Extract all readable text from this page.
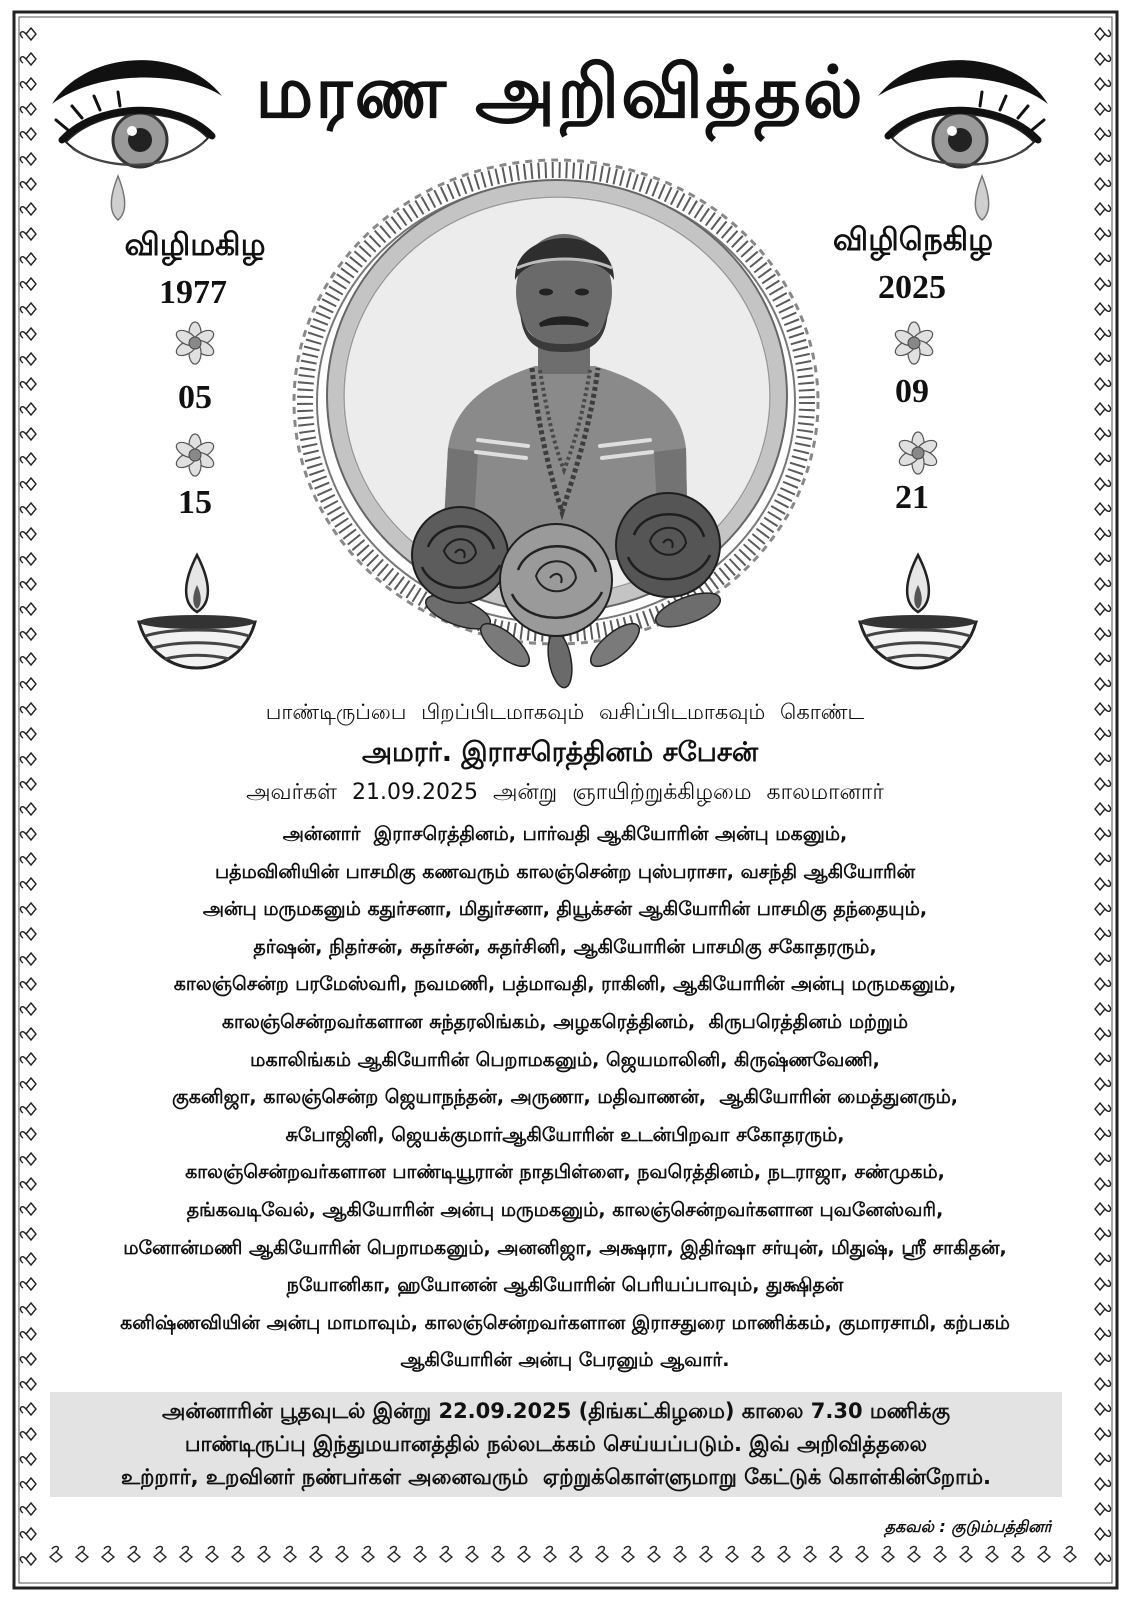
மரண அறிவித்தல்
விழிமகிழ
1977
05
15
விழிநெகிழ
2025
09
21
பாண்டிருப்பை பிறப்பிடமாகவும் வசிப்பிடமாகவும் கொண்ட
அமரர். இராசரெத்தினம் சபேசன்
அவர்கள் 21.09.2025 அன்று ஞாயிற்றுக்கிழமை காலமானார்
அன்னார்  இராசரெத்தினம், பார்வதி ஆகியோரின் அன்பு மகனும்,
பத்மவினியின் பாசமிகு கணவரும் காலஞ்சென்ற புஸ்பராசா, வசந்தி ஆகியோரின்
அன்பு மருமகனும் கதுர்சனா, மிதுர்சனா, தியூக்சன் ஆகியோரின் பாசமிகு தந்தையும்,
தர்ஷன், நிதர்சன், சுதர்சன், சுதர்சினி, ஆகியோரின் பாசமிகு சகோதரரும்,
காலஞ்சென்ற பரமேஸ்வரி, நவமணி, பத்மாவதி, ராகினி, ஆகியோரின் அன்பு மருமகனும்,
காலஞ்சென்றவர்களான சுந்தரலிங்கம், அழகரெத்தினம்,  கிருபரெத்தினம் மற்றும்
மகாலிங்கம் ஆகியோரின் பெறாமகனும், ஜெயமாலினி, கிருஷ்ணவேணி,
குகனிஜா, காலஞ்சென்ற ஜெயாநந்தன், அருணா, மதிவாணன்,  ஆகியோரின் மைத்துனரும்,
சுபோஜினி, ஜெயக்குமார்ஆகியோரின் உடன்பிறவா சகோதரரும்,
காலஞ்சென்றவர்களான பாண்டியூரான் நாதபிள்ளை, நவரெத்தினம், நடராஜா, சண்முகம்,
தங்கவடிவேல், ஆகியோரின் அன்பு மருமகனும், காலஞ்சென்றவர்களான புவனேஸ்வரி,
மனோன்மணி ஆகியோரின் பெறாமகனும், அனனிஜா, அக்ஷரா, இதிர்ஷா சர்யுன், மிதுஷ், ஸ்ரீ சாகிதன்,
நயோனிகா, ஹயோனன் ஆகியோரின் பெரியப்பாவும், துக்ஷிதன்
கனிஷ்ணவியின் அன்பு மாமாவும், காலஞ்சென்றவர்களான இராசதுரை மாணிக்கம், குமாரசாமி, கற்பகம்
ஆகியோரின் அன்பு பேரனும் ஆவார்.
அன்னாரின் பூதவுடல் இன்று 22.09.2025 (திங்கட்கிழமை) காலை 7.30 மணிக்கு
பாண்டிருப்பு இந்துமயானத்தில் நல்லடக்கம் செய்யப்படும். இவ் அறிவித்தலை
உற்றார், உறவினர் நண்பர்கள் அனைவரும்  ஏற்றுக்கொள்ளுமாறு கேட்டுக் கொள்கின்றோம்.
தகவல் : குடும்பத்தினர்
